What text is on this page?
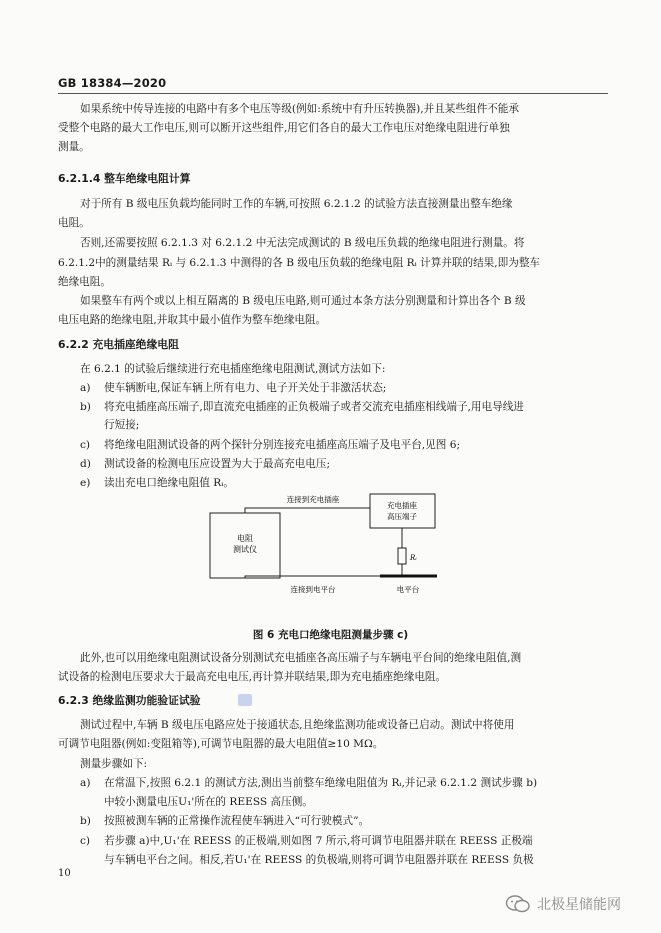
GB 18384—2020
如果系统中传导连接的电路中有多个电压等级(例如:系统中有升压转换器),并且某些组件不能承
受整个电路的最大工作电压,则可以断开这些组件,用它们各自的最大工作电压对绝缘电阻进行单独
测量。
6.2.1.4 整车绝缘电阻计算
对于所有 B 级电压负载均能同时工作的车辆,可按照 6.2.1.2 的试验方法直接测量出整车绝缘
电阻。
否则,还需要按照 6.2.1.3 对 6.2.1.2 中无法完成测试的 B 级电压负载的绝缘电阻进行测量。将
6.2.1.2中的测量结果 Rᵢ 与 6.2.1.3 中测得的各 B 级电压负载的绝缘电阻 Rᵢ 计算并联的结果,即为整车
绝缘电阻。
如果整车有两个或以上相互隔离的 B 级电压电路,则可通过本条方法分别测量和计算出各个 B 级
电压电路的绝缘电阻,并取其中最小值作为整车绝缘电阻。
6.2.2 充电插座绝缘电阻
在 6.2.1 的试验后继续进行充电插座绝缘电阻测试,测试方法如下:
a) 使车辆断电,保证车辆上所有电力、电子开关处于非激活状态;
b) 将充电插座高压端子,即直流充电插座的正负极端子或者交流充电插座相线端子,用电导线进
行短接;
c) 将绝缘电阻测试设备的两个探针分别连接充电插座高压端子及电平台,见图 6;
d) 测试设备的检测电压应设置为大于最高充电电压;
e) 读出充电口绝缘电阻值 Rᵢ。
电阻
测试仪
充电插座
高压端子
连接到充电插座
Rᵢ
连接到电平台	电平台
图 6 充电口绝缘电阻测量步骤 c)
此外,也可以用绝缘电阻测试设备分别测试充电插座各高压端子与车辆电平台间的绝缘电阻值,测
试设备的检测电压要求大于最高充电电压,再计算并联结果,即为充电插座绝缘电阻。
6.2.3 绝缘监测功能验证试验
测试过程中,车辆 B 级电压电路应处于接通状态,且绝缘监测功能或设备已启动。测试中将使用
可调节电阻器(例如:变阻箱等),可调节电阻器的最大电阻值≥10 MΩ。
测量步骤如下:
a) 在常温下,按照 6.2.1 的测试方法,测出当前整车绝缘电阻值为 Rᵢ,并记录 6.2.1.2 测试步骤 b)
中较小测量电压U₁'所在的 REESS 高压侧。
b) 按照被测车辆的正常操作流程使车辆进入“可行驶模式”。
c) 若步骤 a)中,U₁'在 REESS 的正极端,则如图 7 所示,将可调节电阻器并联在 REESS 正极端
与车辆电平台之间。相反,若U₁'在 REESS 的负极端,则将可调节电阻器并联在 REESS 负极
10
北极星储能网
